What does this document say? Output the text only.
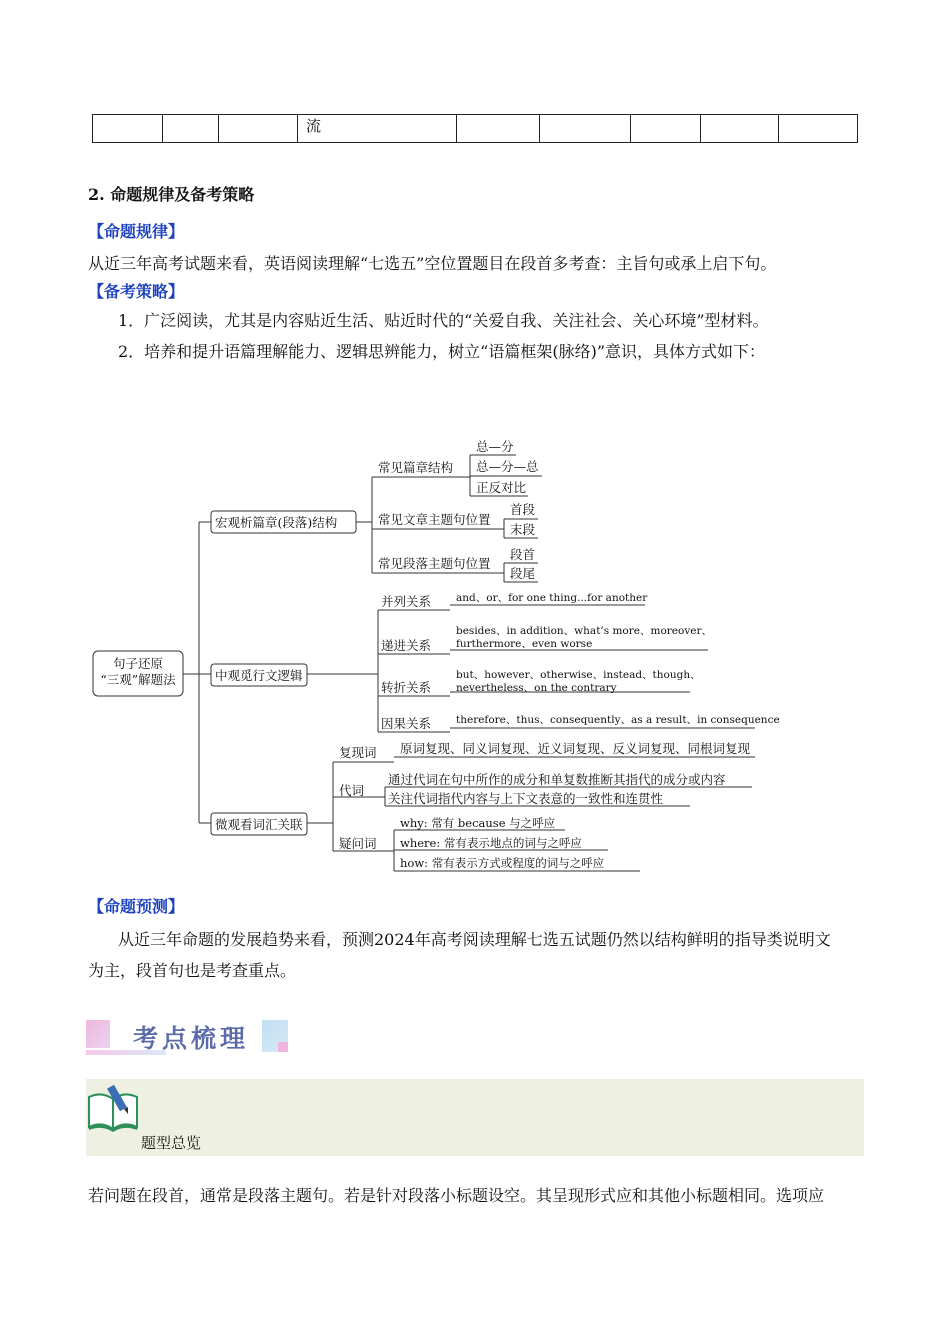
			流					
2. 命题规律及备考策略
【命题规律】
从近三年高考试题来看，英语阅读理解“七选五”空位置题目在段首多考查：主旨句或承上启下句。
【备考策略】
1．广泛阅读，尤其是内容贴近生活、贴近时代的“关爱自我、关注社会、关心环境”型材料。
2．培养和提升语篇理解能力、逻辑思辨能力，树立“语篇框架(脉络)”意识，具体方式如下：
句子还原
“三观”解题法
宏观析篇章(段落)结构
常见篇章结构
常见文章主题句位置
常见段落主题句位置
总—分
总—分—总
正反对比
首段
末段
段首
段尾
中观觅行文逻辑
并列关系
递进关系
转折关系
因果关系
and、or、for one thing...for another
besides、in addition、what’s more、moreover、
furthermore、even worse
but、however、otherwise、instead、though、
nevertheless、on the contrary
therefore、thus、consequently、as a result、in consequence
微观看词汇关联
复现词
代词
疑问词
原词复现、同义词复现、近义词复现、反义词复现、同根词复现
通过代词在句中所作的成分和单复数推断其指代的成分或内容
关注代词指代内容与上下文表意的一致性和连贯性
why: 常有 because 与之呼应
where: 常有表示地点的词与之呼应
how: 常有表示方式或程度的词与之呼应
【命题预测】
从近三年命题的发展趋势来看，预测2024年高考阅读理解七选五试题仍然以结构鲜明的指导类说明文
为主，段首句也是考查重点。
考点梳理
题型总览
若问题在段首，通常是段落主题句。若是针对段落小标题设空。其呈现形式应和其他小标题相同。选项应
